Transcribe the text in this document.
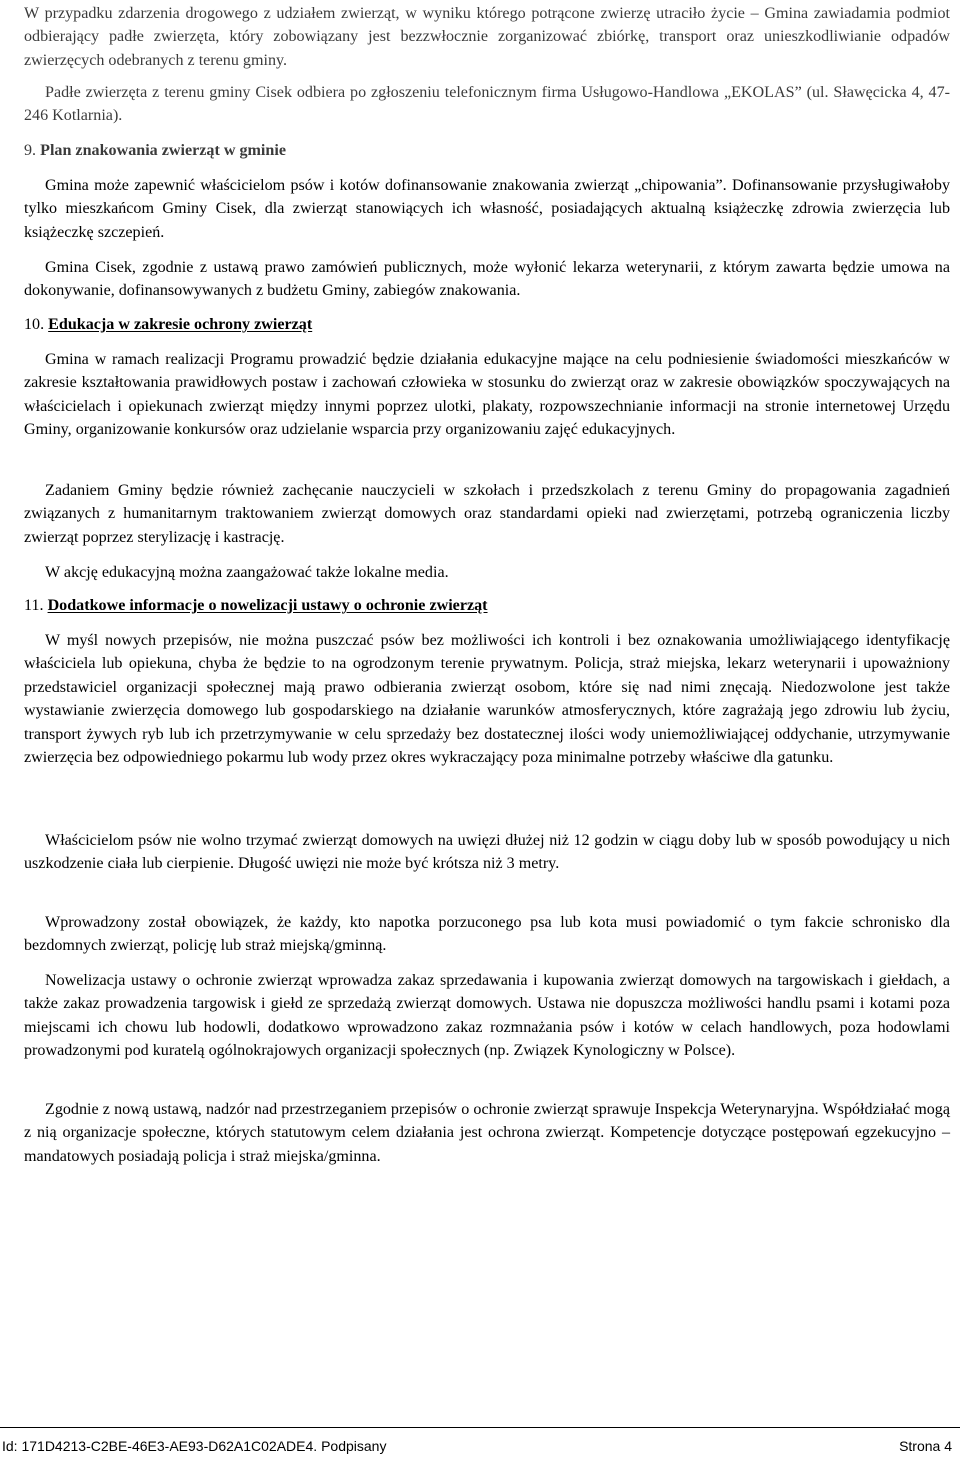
W przypadku zdarzenia drogowego z udziałem zwierząt, w wyniku którego potrącone zwierzę utraciło życie – Gmina zawiadamia podmiot odbierający padłe zwierzęta, który zobowiązany jest bezzwłocznie zorganizować zbiórkę, transport oraz unieszkodliwianie odpadów zwierzęcych odebranych z terenu gminy.

Padłe zwierzęta z terenu gminy Cisek odbiera po zgłoszeniu telefonicznym firma Usługowo-Handlowa „EKOLAS” (ul. Sławęcicka 4, 47-246 Kotlarnia).

9. Plan znakowania zwierząt w gminie

Gmina może zapewnić właścicielom psów i kotów dofinansowanie znakowania zwierząt „chipowania”. Dofinansowanie przysługiwałoby tylko mieszkańcom Gminy Cisek, dla zwierząt stanowiących ich własność, posiadających aktualną książeczkę zdrowia zwierzęcia lub książeczkę szczepień.

Gmina Cisek, zgodnie z ustawą prawo zamówień publicznych, może wyłonić lekarza weterynarii, z którym zawarta będzie umowa na dokonywanie, dofinansowywanych z budżetu Gminy, zabiegów znakowania.

10. Edukacja w zakresie ochrony zwierząt

Gmina w ramach realizacji Programu prowadzić będzie działania edukacyjne mające na celu podniesienie świadomości mieszkańców w zakresie kształtowania prawidłowych postaw i zachowań człowieka w stosunku do zwierząt oraz w zakresie obowiązków spoczywających na właścicielach i opiekunach zwierząt między innymi poprzez ulotki, plakaty, rozpowszechnianie informacji na stronie internetowej Urzędu Gminy, organizowanie konkursów oraz udzielanie wsparcia przy organizowaniu zajęć edukacyjnych.

Zadaniem Gminy będzie również zachęcanie nauczycieli w szkołach i przedszkolach z terenu Gminy do propagowania zagadnień związanych z humanitarnym traktowaniem zwierząt domowych oraz standardami opieki nad zwierzętami, potrzebą ograniczenia liczby zwierząt poprzez sterylizację i kastrację.

W akcję edukacyjną można zaangażować także lokalne media.

11. Dodatkowe informacje o nowelizacji ustawy o ochronie zwierząt

W myśl nowych przepisów, nie można puszczać psów bez możliwości ich kontroli i bez oznakowania umożliwiającego identyfikację właściciela lub opiekuna, chyba że będzie to na ogrodzonym terenie prywatnym. Policja, straż miejska, lekarz weterynarii i upoważniony przedstawiciel organizacji społecznej mają prawo odbierania zwierząt osobom, które się nad nimi znęcają. Niedozwolone jest także wystawianie zwierzęcia domowego lub gospodarskiego na działanie warunków atmosferycznych, które zagrażają jego zdrowiu lub życiu, transport żywych ryb lub ich przetrzymywanie w celu sprzedaży bez dostatecznej ilości wody uniemożliwiającej oddychanie, utrzymywanie zwierzęcia bez odpowiedniego pokarmu lub wody przez okres wykraczający poza minimalne potrzeby właściwe dla gatunku.

Właścicielom psów nie wolno trzymać zwierząt domowych na uwięzi dłużej niż 12 godzin w ciągu doby lub w sposób powodujący u nich uszkodzenie ciała lub cierpienie. Długość uwięzi nie może być krótsza niż 3 metry.

Wprowadzony został obowiązek, że każdy, kto napotka porzuconego psa lub kota musi powiadomić o tym fakcie schronisko dla bezdomnych zwierząt, policję lub straż miejską/gminną.

Nowelizacja ustawy o ochronie zwierząt wprowadza zakaz sprzedawania i kupowania zwierząt domowych na targowiskach i giełdach, a także zakaz prowadzenia targowisk i giełd ze sprzedażą zwierząt domowych. Ustawa nie dopuszcza możliwości handlu psami i kotami poza miejscami ich chowu lub hodowli, dodatkowo wprowadzono zakaz rozmnażania psów i kotów w celach handlowych, poza hodowlami prowadzonymi pod kuratelą ogólnokrajowych organizacji społecznych (np. Związek Kynologiczny w Polsce).

Zgodnie z nową ustawą, nadzór nad przestrzeganiem przepisów o ochronie zwierząt sprawuje Inspekcja Weterynaryjna. Współdziałać mogą z nią organizacje społeczne, których statutowym celem działania jest ochrona zwierząt. Kompetencje dotyczące postępowań egzekucyjno – mandatowych posiadają policja i straż miejska/gminna.

Id: 171D4213-C2BE-46E3-AE93-D62A1C02ADE4. Podpisany	Strona 4
